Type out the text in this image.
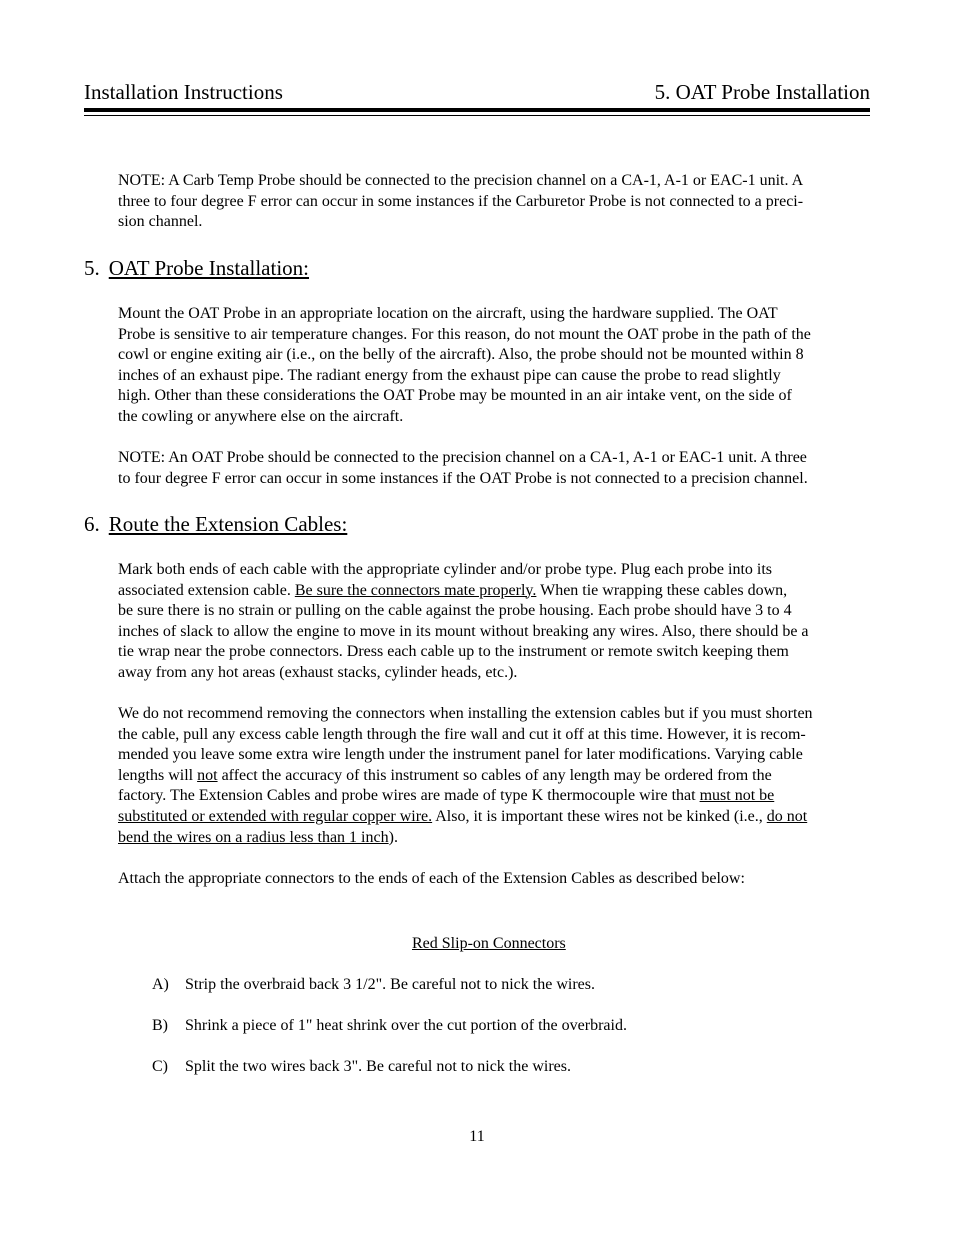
Installation Instructions	5. OAT Probe Installation
NOTE: A Carb Temp Probe should be connected to the precision channel on a CA-1, A-1 or EAC-1 unit. A
three to four degree F error can occur in some instances if the Carburetor Probe is not connected to a preci-
sion channel.
5. OAT Probe Installation:
Mount the OAT Probe in an appropriate location on the aircraft, using the hardware supplied. The OAT
Probe is sensitive to air temperature changes. For this reason, do not mount the OAT probe in the path of the
cowl or engine exiting air (i.e., on the belly of the aircraft). Also, the probe should not be mounted within 8
inches of an exhaust pipe. The radiant energy from the exhaust pipe can cause the probe to read slightly
high. Other than these considerations the OAT Probe may be mounted in an air intake vent, on the side of
the cowling or anywhere else on the aircraft.
NOTE: An OAT Probe should be connected to the precision channel on a CA-1, A-1 or EAC-1 unit. A three
to four degree F error can occur in some instances if the OAT Probe is not connected to a precision channel.
6. Route the Extension Cables:
Mark both ends of each cable with the appropriate cylinder and/or probe type. Plug each probe into its
associated extension cable. Be sure the connectors mate properly. When tie wrapping these cables down,
be sure there is no strain or pulling on the cable against the probe housing. Each probe should have 3 to 4
inches of slack to allow the engine to move in its mount without breaking any wires. Also, there should be a
tie wrap near the probe connectors. Dress each cable up to the instrument or remote switch keeping them
away from any hot areas (exhaust stacks, cylinder heads, etc.).
We do not recommend removing the connectors when installing the extension cables but if you must shorten
the cable, pull any excess cable length through the fire wall and cut it off at this time. However, it is recom-
mended you leave some extra wire length under the instrument panel for later modifications. Varying cable
lengths will not affect the accuracy of this instrument so cables of any length may be ordered from the
factory. The Extension Cables and probe wires are made of type K thermocouple wire that must not be
substituted or extended with regular copper wire. Also, it is important these wires not be kinked (i.e., do not
bend the wires on a radius less than 1 inch).
Attach the appropriate connectors to the ends of each of the Extension Cables as described below:
Red Slip-on Connectors
A) Strip the overbraid back 3 1/2". Be careful not to nick the wires.
B) Shrink a piece of 1" heat shrink over the cut portion of the overbraid.
C) Split the two wires back 3". Be careful not to nick the wires.
11
